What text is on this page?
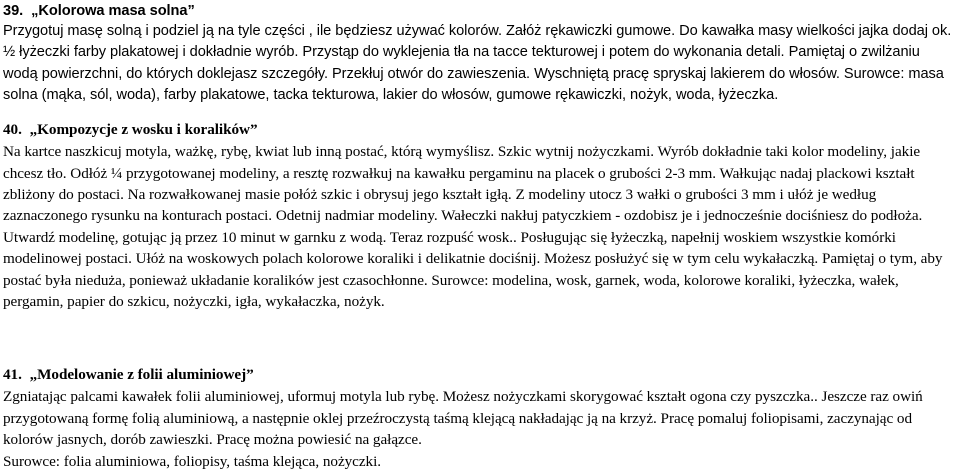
39. „Kolorowa masa solna”
Przygotuj masę solną i podziel ją na tyle części , ile będziesz używać kolorów. Załóż rękawiczki gumowe. Do kawałka masy wielkości jajka dodaj ok. ½ łyżeczki farby plakatowej i dokładnie wyrób. Przystąp do wyklejenia tła na tacce tekturowej i potem do wykonania detali. Pamiętaj o zwilżaniu wodą powierzchni, do których doklejasz szczegóły. Przekłuj otwór do zawieszenia. Wyschniętą pracę spryskaj lakierem do włosów. Surowce: masa solna (mąka, sól, woda), farby plakatowe, tacka tekturowa, lakier do włosów, gumowe rękawiczki, nożyk, woda, łyżeczka.
40. „Kompozycje z wosku i koralików”
Na kartce naszkicuj motyla, ważkę, rybę, kwiat lub inną postać, którą wymyślisz. Szkic wytnij nożyczkami. Wyrób dokładnie taki kolor modeliny, jakie chcesz tło. Odłóż ¼ przygotowanej modeliny, a resztę rozwałkuj na kawałku pergaminu na placek o grubości 2-3 mm. Wałkując nadaj plackowi kształt zbliżony do postaci. Na rozwałkowanej masie połóż szkic i obrysuj jego kształt igłą. Z modeliny utocz 3 wałki o grubości 3 mm i ułóż je według zaznaczonego rysunku na konturach postaci. Odetnij nadmiar modeliny. Wałeczki nakłuj patyczkiem - ozdobisz je i jednocześnie dociśniesz do podłoża. Utwardź modelinę, gotując ją przez 10 minut w garnku z wodą. Teraz rozpuść wosk.. Posługując się łyżeczką, napełnij woskiem wszystkie komórki modelinowej postaci. Ułóż na woskowych polach kolorowe koraliki i delikatnie dociśnij. Możesz posłużyć się w tym celu wykałaczką. Pamiętaj o tym, aby postać była nieduża, ponieważ układanie koralików jest czasochłonne. Surowce: modelina, wosk, garnek, woda, kolorowe koraliki, łyżeczka, wałek, pergamin, papier do szkicu, nożyczki, igła, wykałaczka, nożyk.
41. „Modelowanie z folii aluminiowej”
Zgniatając palcami kawałek folii aluminiowej, uformuj motyla lub rybę. Możesz nożyczkami skorygować kształt ogona czy pyszczka.. Jeszcze raz owiń przygotowaną formę folią aluminiową, a następnie oklej przeźroczystą taśmą klejącą nakładając ją na krzyż. Pracę pomaluj foliopisami, zaczynając od kolorów jasnych, dorób zawieszki. Pracę można powiesić na gałązce.
Surowce: folia aluminiowa, foliopisy, taśma klejąca, nożyczki.
